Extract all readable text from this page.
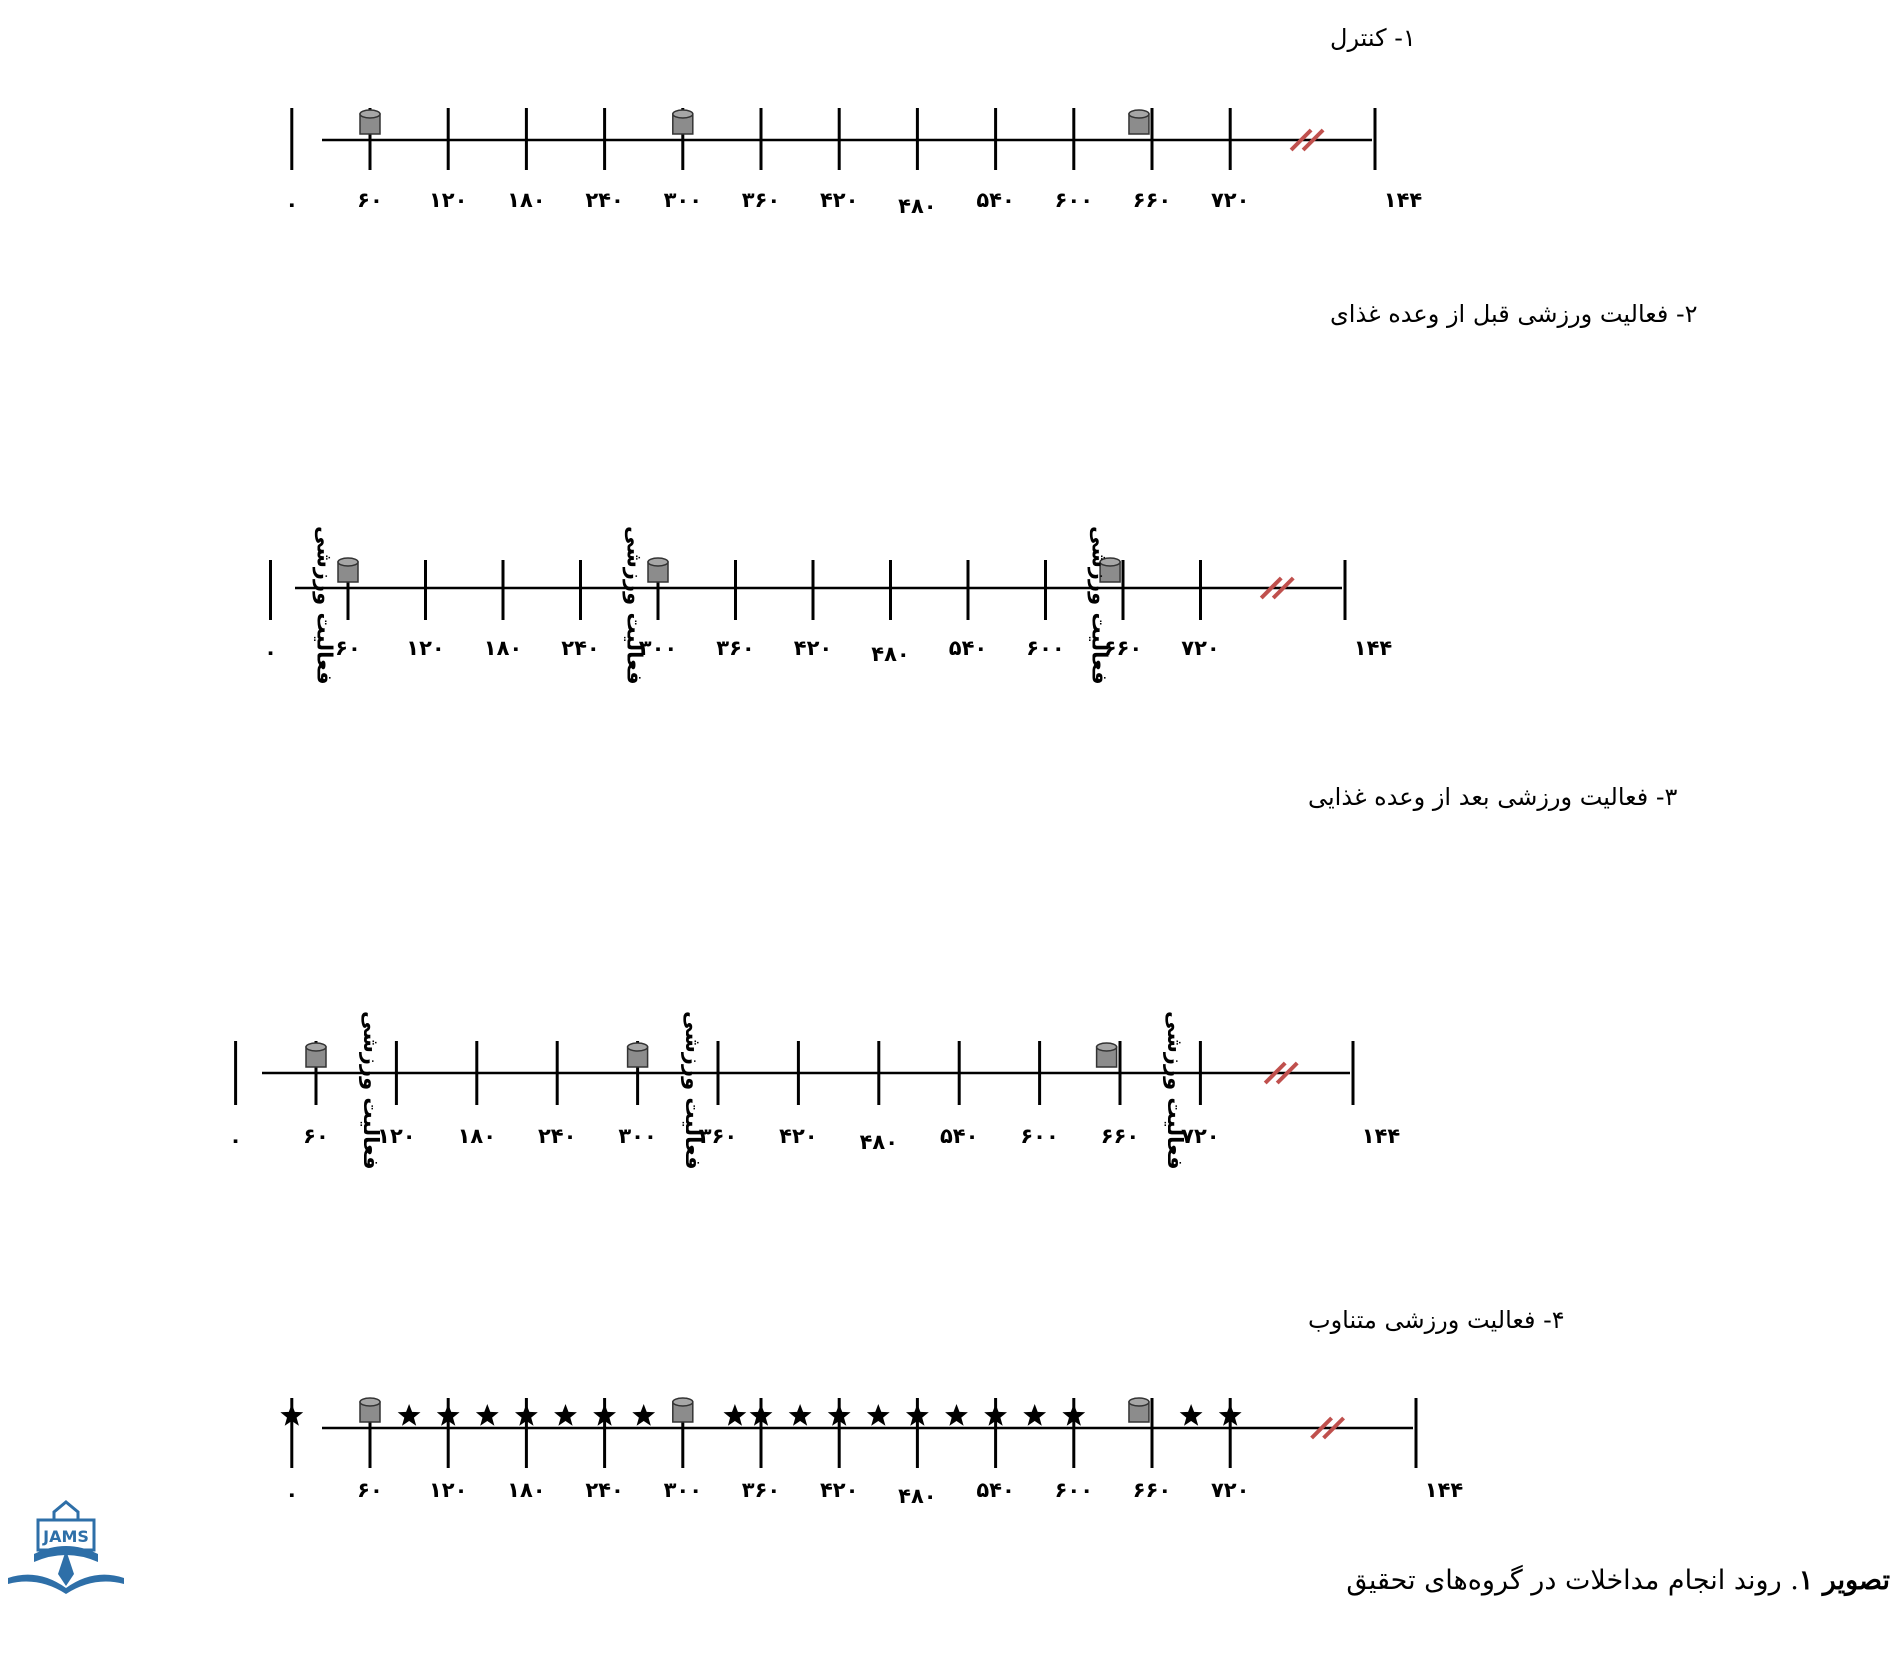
١- کنترل
٠	۶٠ ١٢٠ ١٨٠ ٢۴٠ ٣٠٠ ٣۶٠ ۴٢٠ ۴٨٠ ۵۴٠ ۶٠٠ ۶۶٠ ٧٢٠	١۴۴
٢- فعالیت ورزشی قبل از وعده غذای
٠	۶٠ ١٢٠ ١٨٠ ٢۴٠ ٣٠٠ ٣۶٠ ۴٢٠ ۴٨٠ ۵۴٠ ۶٠٠ ۶۶٠ ٧٢٠	١۴۴
فعالیت ورزشی	فعالیت ورزشی	فعالیت ورزشی
٣- فعالیت ورزشی بعد از وعده غذایی
٠	۶٠ ١٢٠ ١٨٠ ٢۴٠ ٣٠٠ ٣۶٠ ۴٢٠ ۴٨٠ ۵۴٠ ۶٠٠ ۶۶٠ ٧٢٠	١۴۴
فعالیت ورزشی	فعالیت ورزشی	فعالیت ورزشی
۴- فعالیت ورزشی متناوب
٠	۶٠ ١٢٠ ١٨٠ ٢۴٠ ٣٠٠ ٣۶٠ ۴٢٠ ۴٨٠ ۵۴٠ ۶٠٠ ۶۶٠ ٧٢٠	١۴۴
JAMS
تصویر ١. روند انجام مداخلات در گروه‌های تحقیق
